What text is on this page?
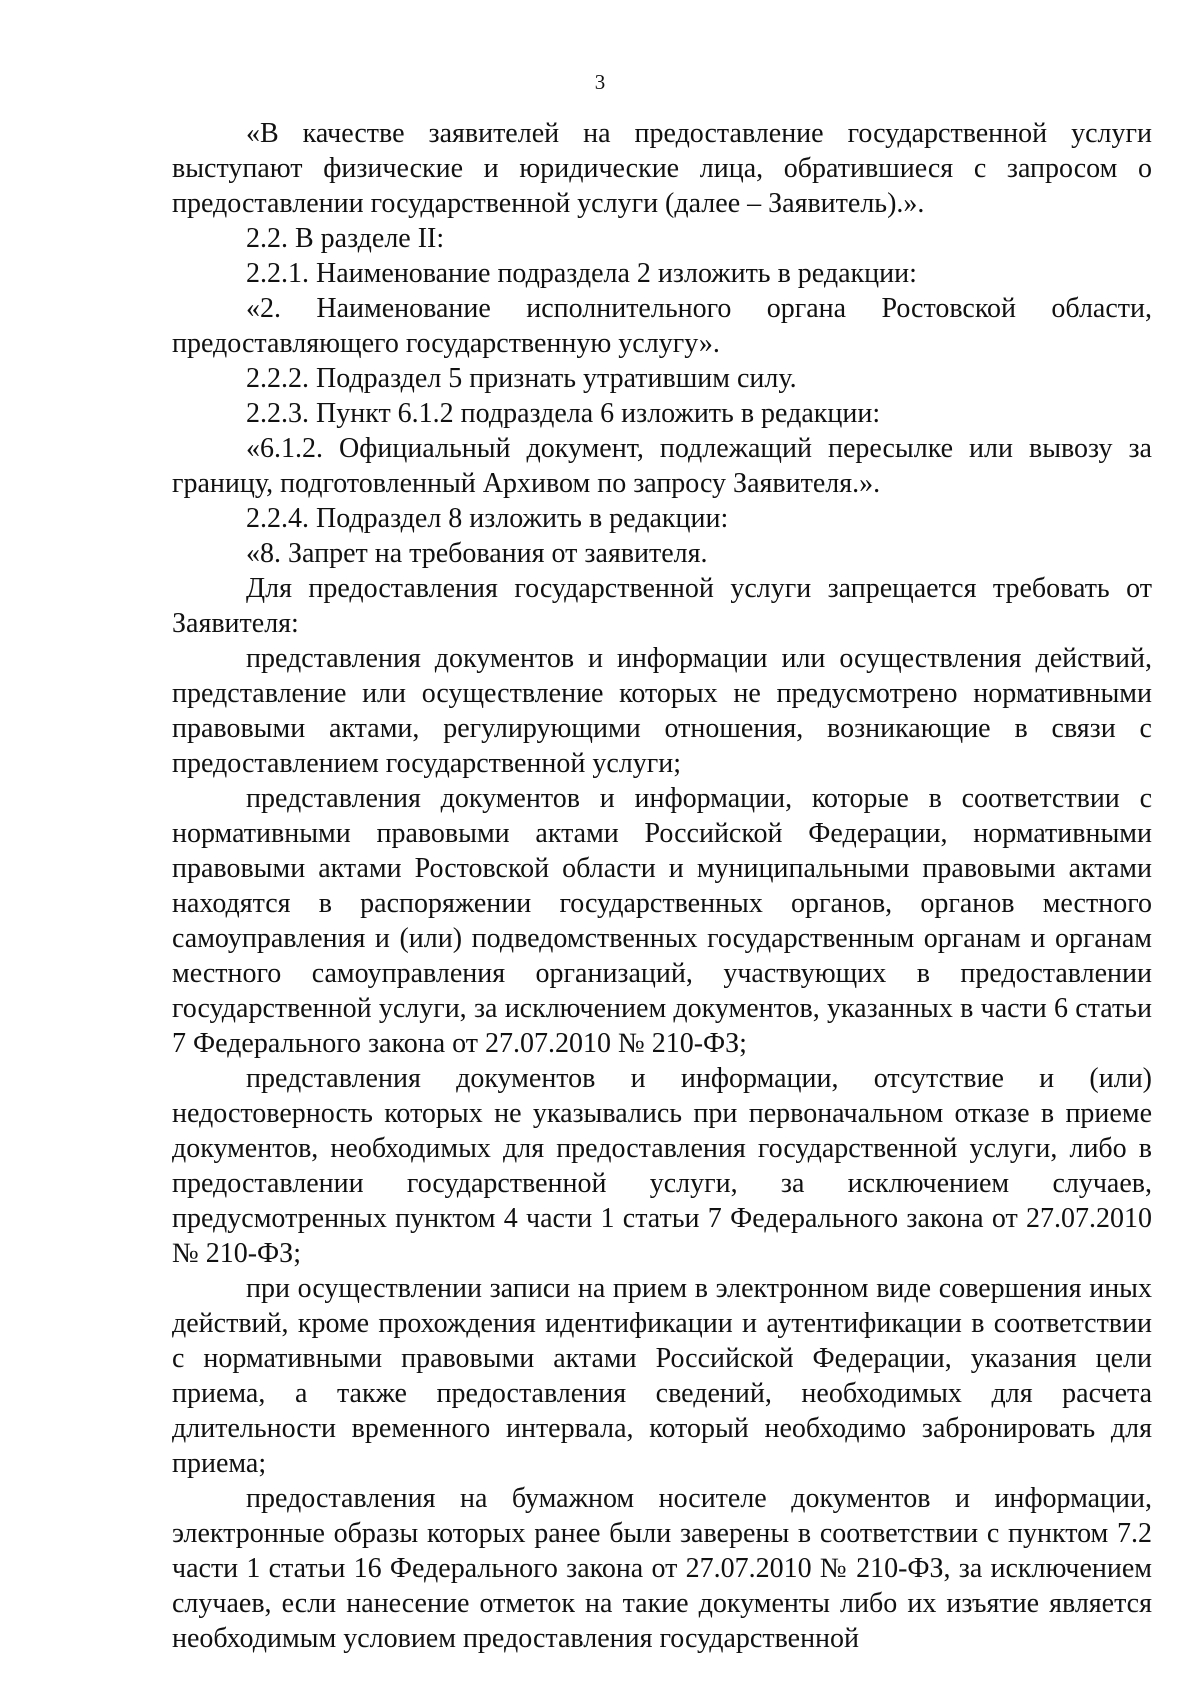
3

«В качестве заявителей на предоставление государственной услуги выступают физические и юридические лица, обратившиеся с запросом о предоставлении государственной услуги (далее – Заявитель).».

2.2. В разделе II:

2.2.1. Наименование подраздела 2 изложить в редакции:

«2. Наименование исполнительного органа Ростовской области, предоставляющего государственную услугу».

2.2.2. Подраздел 5 признать утратившим силу.

2.2.3. Пункт 6.1.2 подраздела 6 изложить в редакции:

«6.1.2. Официальный документ, подлежащий пересылке или вывозу за границу, подготовленный Архивом по запросу Заявителя.».

2.2.4. Подраздел 8 изложить в редакции:

«8. Запрет на требования от заявителя.

Для предоставления государственной услуги запрещается требовать от Заявителя:

представления документов и информации или осуществления действий, представление или осуществление которых не предусмотрено нормативными правовыми актами, регулирующими отношения, возникающие в связи с предоставлением государственной услуги;

представления документов и информации, которые в соответствии с нормативными правовыми актами Российской Федерации, нормативными правовыми актами Ростовской области и муниципальными правовыми актами находятся в распоряжении государственных органов, органов местного самоуправления и (или) подведомственных государственным органам и органам местного самоуправления организаций, участвующих в предоставлении государственной услуги, за исключением документов, указанных в части 6 статьи 7 Федерального закона от 27.07.2010 № 210-ФЗ;

представления документов и информации, отсутствие и (или) недостоверность которых не указывались при первоначальном отказе в приеме документов, необходимых для предоставления государственной услуги, либо в предоставлении государственной услуги, за исключением случаев, предусмотренных пунктом 4 части 1 статьи 7 Федерального закона от 27.07.2010 № 210-ФЗ;

при осуществлении записи на прием в электронном виде совершения иных действий, кроме прохождения идентификации и аутентификации в соответствии с нормативными правовыми актами Российской Федерации, указания цели приема, а также предоставления сведений, необходимых для расчета длительности временного интервала, который необходимо забронировать для приема;

предоставления на бумажном носителе документов и информации, электронные образы которых ранее были заверены в соответствии с пунктом 7.2 части 1 статьи 16 Федерального закона от 27.07.2010 № 210-ФЗ, за исключением случаев, если нанесение отметок на такие документы либо их изъятие является необходимым условием предоставления государственной
